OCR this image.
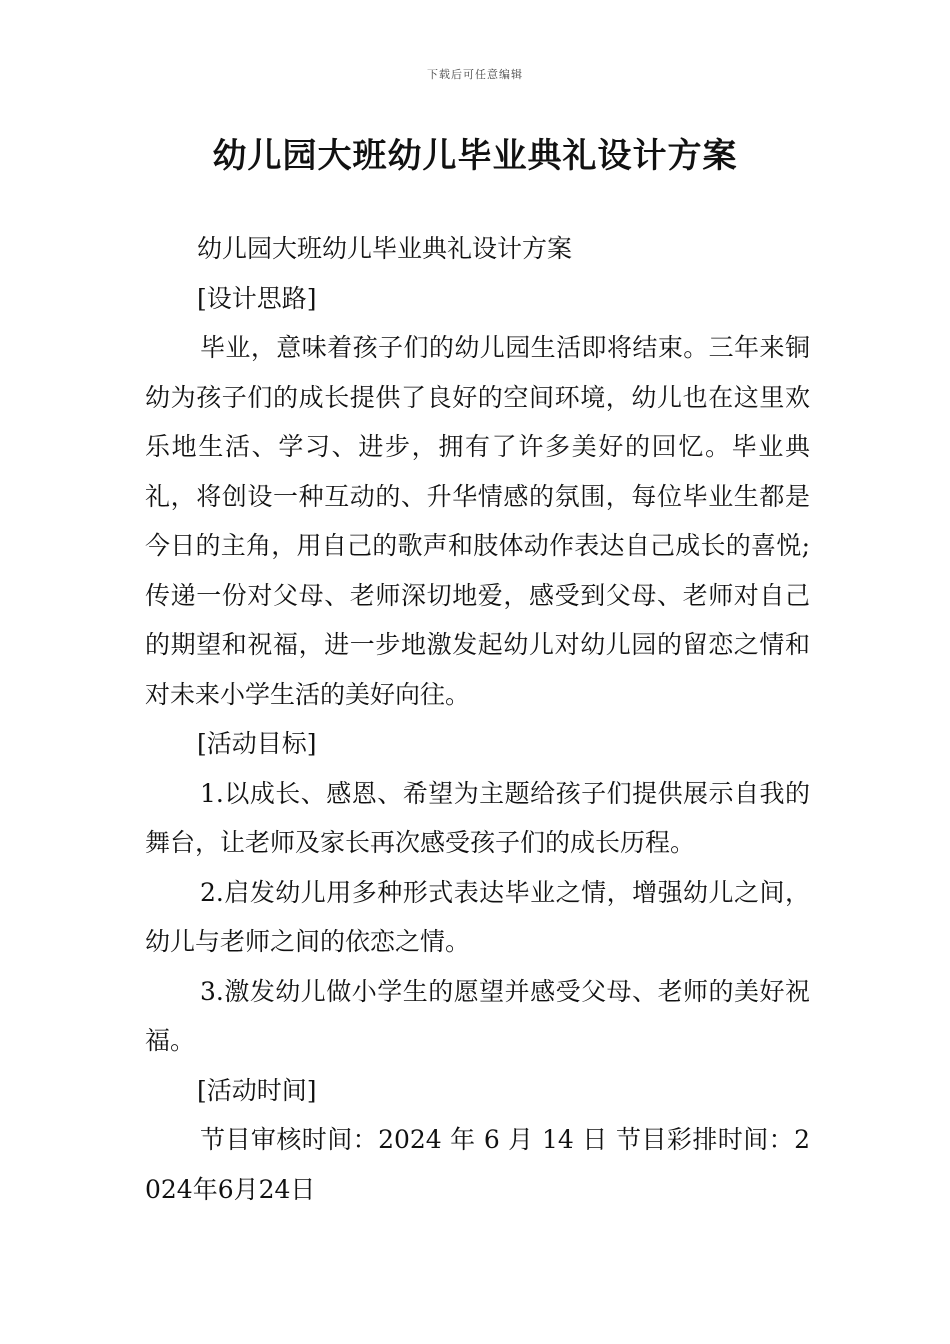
下载后可任意编辑
幼儿园大班幼儿毕业典礼设计方案

幼儿园大班幼儿毕业典礼设计方案

[设计思路]

毕业，意味着孩子们的幼儿园生活即将结束。三年来铜幼为孩子们的成长提供了良好的空间环境，幼儿也在这里欢乐地生活、学习、进步，拥有了许多美好的回忆。毕业典礼，将创设一种互动的、升华情感的氛围，每位毕业生都是今日的主角，用自己的歌声和肢体动作表达自己成长的喜悦;传递一份对父母、老师深切地爱，感受到父母、老师对自己的期望和祝福，进一步地激发起幼儿对幼儿园的留恋之情和对未来小学生活的美好向往。

[活动目标]

1.以成长、感恩、希望为主题给孩子们提供展示自我的舞台，让老师及家长再次感受孩子们的成长历程。

2.启发幼儿用多种形式表达毕业之情，增强幼儿之间，幼儿与老师之间的依恋之情。

3.激发幼儿做小学生的愿望并感受父母、老师的美好祝福。

[活动时间]

节目审核时间：2024 年 6 月 14 日 节目彩排时间：2024年6月24日
